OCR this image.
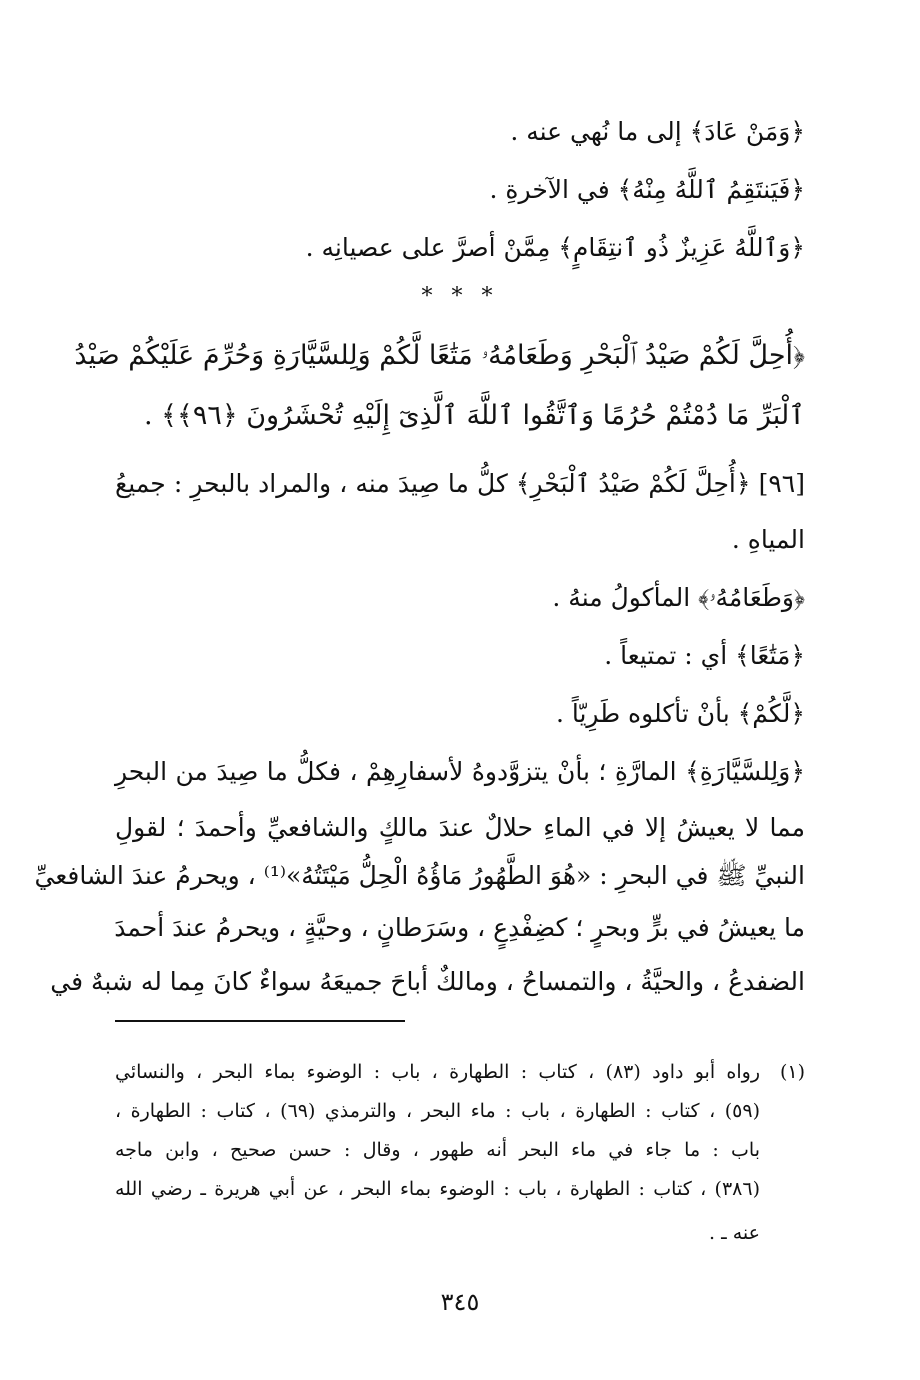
﴿وَمَنْ عَادَ﴾ إلى ما نُهي عنه .
﴿فَيَنتَقِمُ ٱللَّهُ مِنْهُ﴾ في الآخرةِ .
﴿وَٱللَّهُ عَزِيزٌ ذُو ٱنتِقَامٍ﴾ مِمَّنْ أصرَّ على عصيانِه .
* * *
﴿أُحِلَّ لَكُمْ صَيْدُ ٱلْبَحْرِ وَطَعَامُهُۥ مَتَٰعًا لَّكُمْ وَلِلسَّيَّارَةِ وَحُرِّمَ عَلَيْكُمْ صَيْدُ
ٱلْبَرِّ مَا دُمْتُمْ حُرُمًا وَٱتَّقُوا ٱللَّهَ ٱلَّذِىٓ إِلَيْهِ تُحْشَرُونَ ﴿٩٦﴾﴾ .
[٩٦] ﴿أُحِلَّ لَكُمْ صَيْدُ ٱلْبَحْرِ﴾ كلُّ ما صِيدَ منه ، والمراد بالبحرِ : جميعُ
المياهِ .
﴿وَطَعَامُهُۥ﴾ المأكولُ منهُ .
﴿مَتَٰعًا﴾ أي : تمتيعاً .
﴿لَّكُمْ﴾ بأنْ تأكلوه طَرِيّاً .
﴿وَلِلسَّيَّارَةِ﴾ المارَّةِ ؛ بأنْ يتزوَّدوهُ لأسفارِهِمْ ، فكلُّ ما صِيدَ من البحرِ
مما لا يعيشُ إلا في الماءِ حلالٌ عندَ مالكٍ والشافعيِّ وأحمدَ ؛ لقولِ
النبيِّ ﷺ في البحرِ : «هُوَ الطَّهُورُ مَاؤُهُ الْحِلُّ مَيْتَتُهُ»⁽¹⁾ ، ويحرمُ عندَ الشافعيِّ
ما يعيشُ في برٍّ وبحرٍ ؛ كضِفْدِعٍ ، وسَرَطانٍ ، وحيَّةٍ ، ويحرمُ عندَ أحمدَ
الضفدعُ ، والحيَّةُ ، والتمساحُ ، ومالكٌ أباحَ جميعَهُ سواءٌ كانَ مِما له شبهٌ في
(١)
رواه أبو داود (٨٣) ، كتاب : الطهارة ، باب : الوضوء بماء البحر ، والنسائي
(٥٩) ، كتاب : الطهارة ، باب : ماء البحر ، والترمذي (٦٩) ، كتاب : الطهارة ،
باب : ما جاء في ماء البحر أنه طهور ، وقال : حسن صحيح ، وابن ماجه
(٣٨٦) ، كتاب : الطهارة ، باب : الوضوء بماء البحر ، عن أبي هريرة ـ رضي الله
عنه ـ .
٣٤٥
